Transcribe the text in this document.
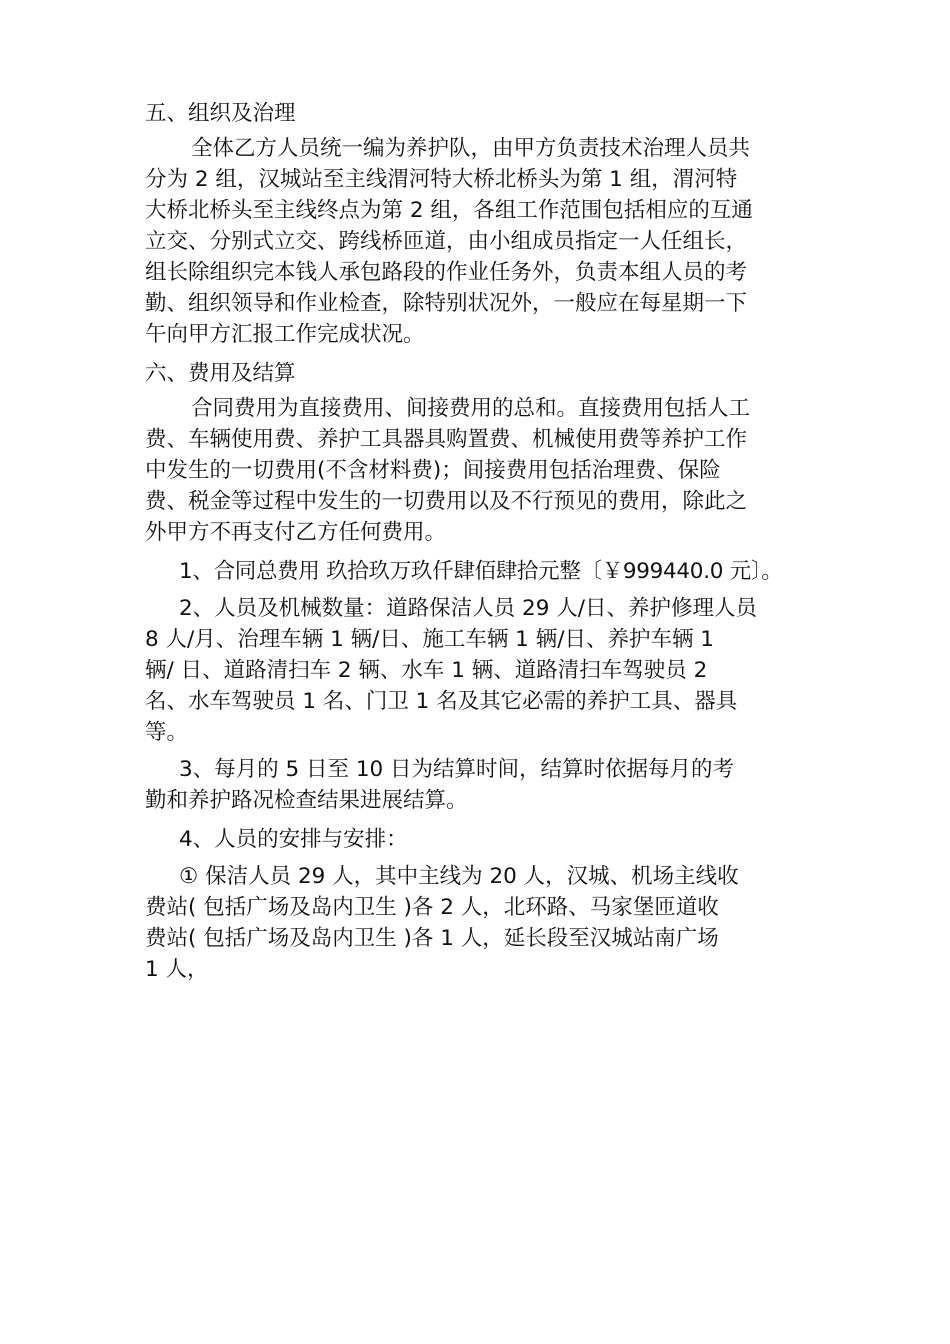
五、组织及治理
全体乙方人员统一编为养护队，由甲方负责技术治理人员共
分为 2 组，汉城站至主线渭河特大桥北桥头为第 1 组，渭河特
大桥北桥头至主线终点为第 2 组，各组工作范围包括相应的互通
立交、分别式立交、跨线桥匝道，由小组成员指定一人任组长，
组长除组织完本钱人承包路段的作业任务外，负责本组人员的考
勤、组织领导和作业检查，除特别状况外，一般应在每星期一下
午向甲方汇报工作完成状况。
六、费用及结算
合同费用为直接费用、间接费用的总和。直接费用包括人工
费、车辆使用费、养护工具器具购置费、机械使用费等养护工作
中发生的一切费用(不含材料费)；间接费用包括治理费、保险
费、税金等过程中发生的一切费用以及不行预见的费用，除此之
外甲方不再支付乙方任何费用。
1、合同总费用 玖拾玖万玖仟肆佰肆拾元整〔￥999440.0 元〕。
2、人员及机械数量：道路保洁人员 29 人/日、养护修理人员
8 人/月、治理车辆 1 辆/日、施工车辆 1 辆/日、养护车辆 1
辆/ 日、道路清扫车 2 辆、水车 1 辆、道路清扫车驾驶员 2
名、水车驾驶员 1 名、门卫 1 名及其它必需的养护工具、器具
等。
3、每月的 5 日至 10 日为结算时间，结算时依据每月的考
勤和养护路况检查结果进展结算。
4、人员的安排与安排：
① 保洁人员 29 人，其中主线为 20 人，汉城、机场主线收
费站( 包括广场及岛内卫生 )各 2 人，北环路、马家堡匝道收
费站( 包括广场及岛内卫生 )各 1 人，延长段至汉城站南广场
1 人，
